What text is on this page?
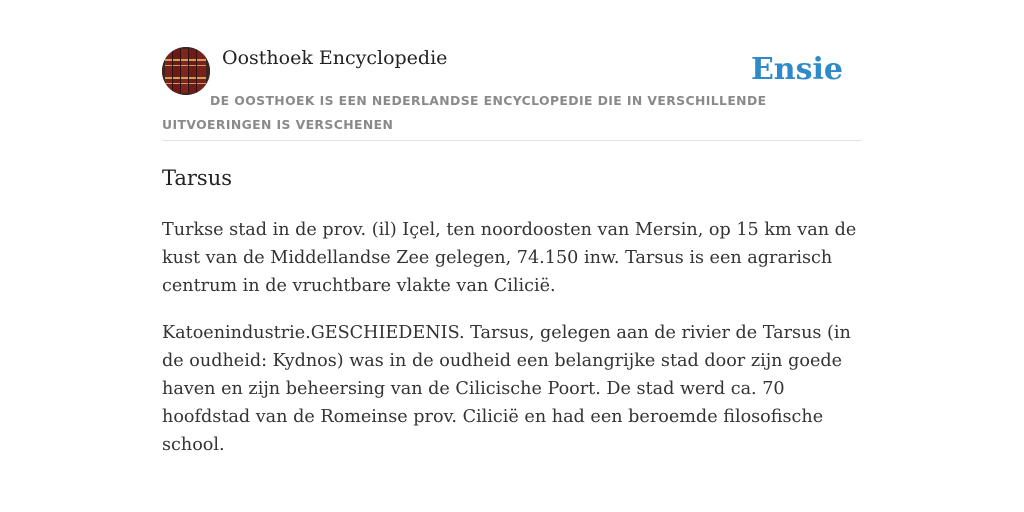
Oosthoek Encyclopedie	Ensie
DE OOSTHOEK IS EEN NEDERLANDSE ENCYCLOPEDIE DIE IN VERSCHILLENDE UITVOERINGEN IS VERSCHENEN
Tarsus

Turkse stad in de prov. (il) Içel, ten noordoosten van Mersin, op 15 km van de kust van de Middellandse Zee gelegen, 74.150 inw. Tarsus is een agrarisch centrum in de vruchtbare vlakte van Cilicië.

Katoenindustrie.GESCHIEDENIS. Tarsus, gelegen aan de rivier de Tarsus (in de oudheid: Kydnos) was in de oudheid een belangrijke stad door zijn goede haven en zijn beheersing van de Cilicische Poort. De stad werd ca. 70 hoofdstad van de Romeinse prov. Cilicië en had een beroemde filosofische school.
